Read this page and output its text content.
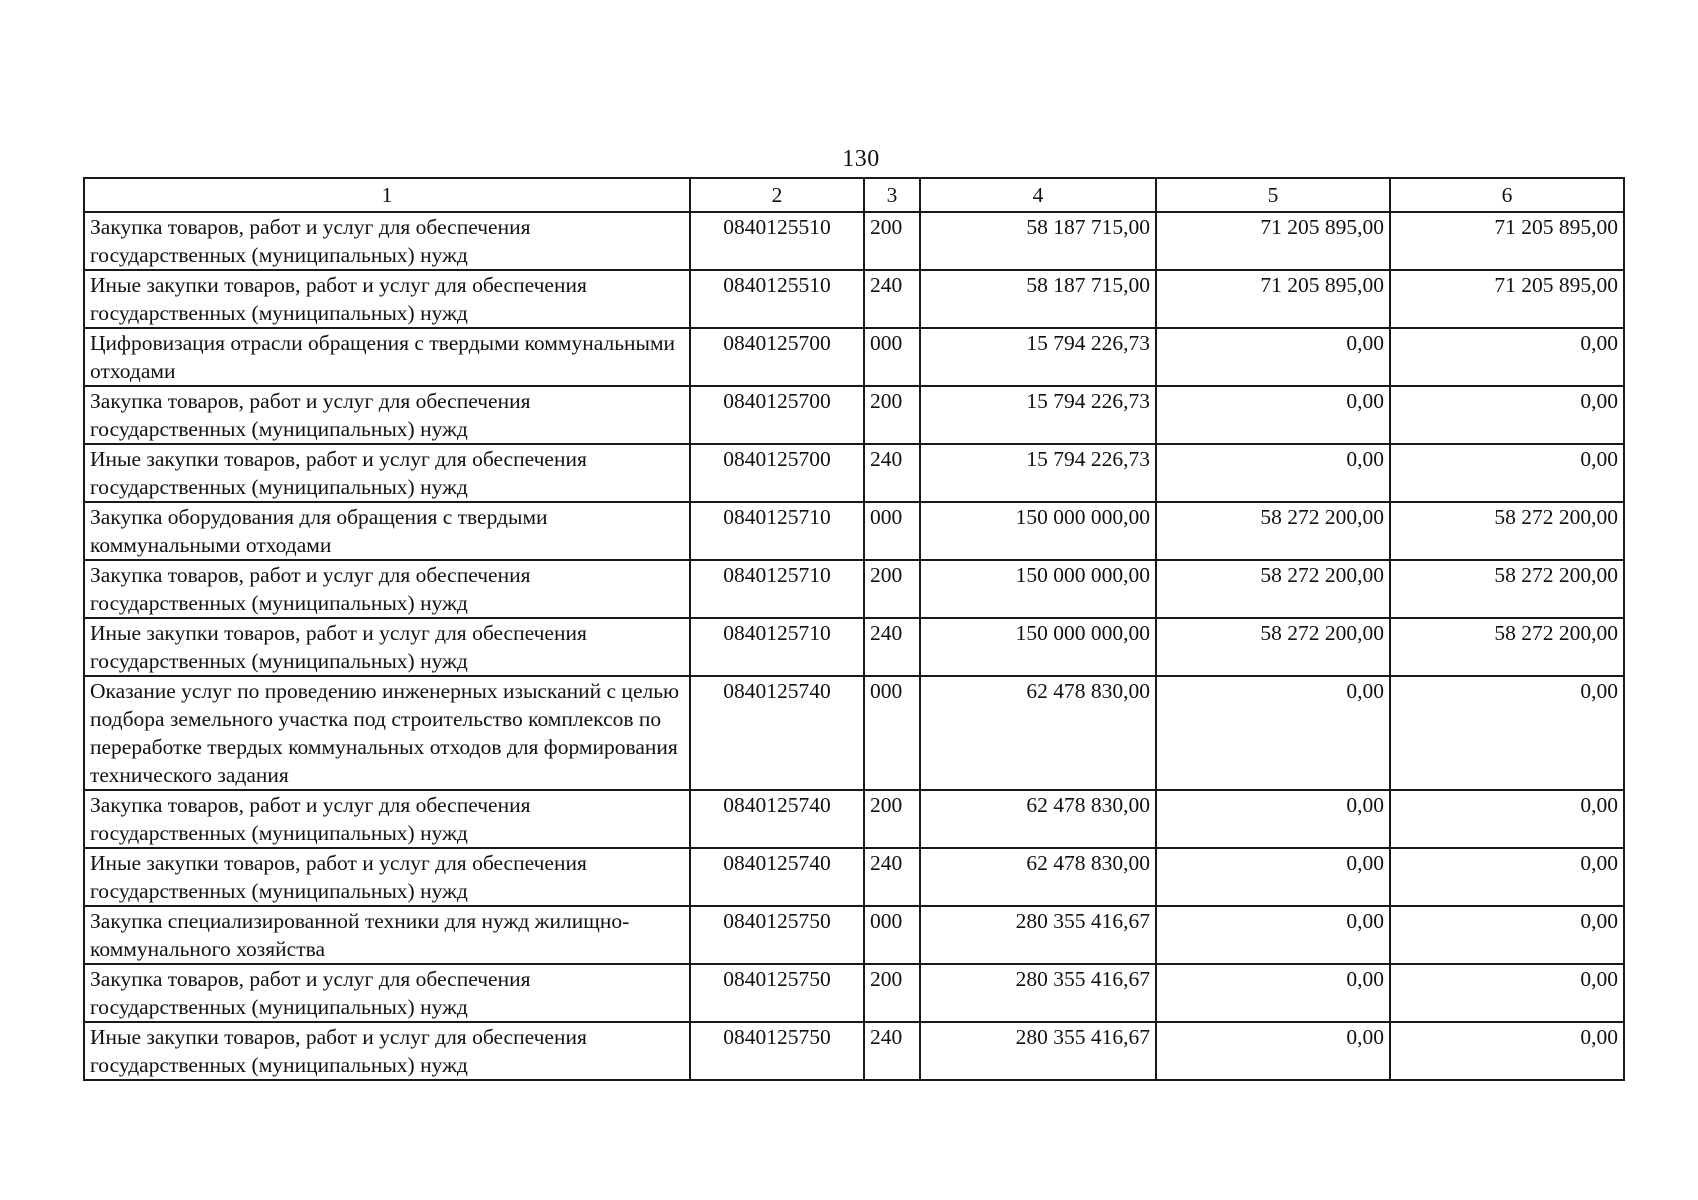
130
1	2	3	4	5	6
Закупка товаров, работ и услуг для обеспечения государственных (муниципальных) нужд	0840125510	200	58 187 715,00	71 205 895,00	71 205 895,00
Иные закупки товаров, работ и услуг для обеспечения государственных (муниципальных) нужд	0840125510	240	58 187 715,00	71 205 895,00	71 205 895,00
Цифровизация отрасли обращения с твердыми коммунальными отходами	0840125700	000	15 794 226,73	0,00	0,00
Закупка товаров, работ и услуг для обеспечения государственных (муниципальных) нужд	0840125700	200	15 794 226,73	0,00	0,00
Иные закупки товаров, работ и услуг для обеспечения государственных (муниципальных) нужд	0840125700	240	15 794 226,73	0,00	0,00
Закупка оборудования для обращения с твердыми коммунальными отходами	0840125710	000	150 000 000,00	58 272 200,00	58 272 200,00
Закупка товаров, работ и услуг для обеспечения государственных (муниципальных) нужд	0840125710	200	150 000 000,00	58 272 200,00	58 272 200,00
Иные закупки товаров, работ и услуг для обеспечения государственных (муниципальных) нужд	0840125710	240	150 000 000,00	58 272 200,00	58 272 200,00
Оказание услуг по проведению инженерных изысканий с целью подбора земельного участка под строительство комплексов по переработке твердых коммунальных отходов для формирования технического задания	0840125740	000	62 478 830,00	0,00	0,00
Закупка товаров, работ и услуг для обеспечения государственных (муниципальных) нужд	0840125740	200	62 478 830,00	0,00	0,00
Иные закупки товаров, работ и услуг для обеспечения государственных (муниципальных) нужд	0840125740	240	62 478 830,00	0,00	0,00
Закупка специализированной техники для нужд жилищно-коммунального хозяйства	0840125750	000	280 355 416,67	0,00	0,00
Закупка товаров, работ и услуг для обеспечения государственных (муниципальных) нужд	0840125750	200	280 355 416,67	0,00	0,00
Иные закупки товаров, работ и услуг для обеспечения государственных (муниципальных) нужд	0840125750	240	280 355 416,67	0,00	0,00
